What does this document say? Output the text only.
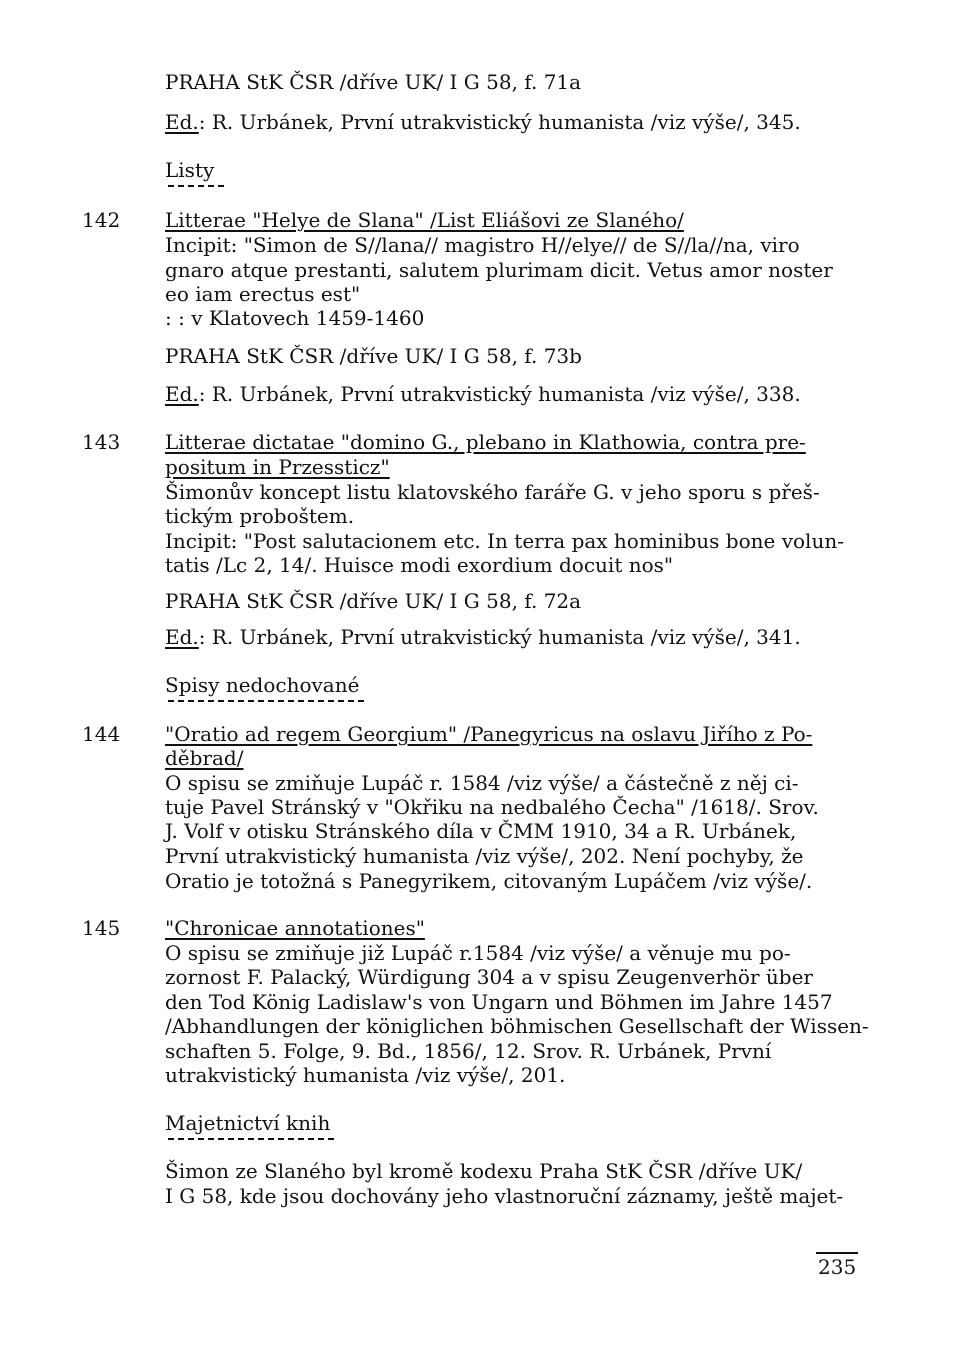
PRAHA StK ČSR /dříve UK/ I G 58, f. 71a
Ed.: R. Urbánek, První utrakvistický humanista /viz výše/, 345.
Listy
142 Litterae "Helye de Slana" /List Eliášovi ze Slaného/
Incipit: "Simon de S//lana// magistro H//elye// de S//la//na, viro
gnaro atque prestanti, salutem plurimam dicit. Vetus amor noster
eo iam erectus est"
: : v Klatovech 1459-1460
PRAHA StK ČSR /dříve UK/ I G 58, f. 73b
Ed.: R. Urbánek, První utrakvistický humanista /viz výše/, 338.
143 Litterae dictatae "domino G., plebano in Klathowia, contra pre-
positum in Przessticz"
Šimonův koncept listu klatovského faráře G. v jeho sporu s přeš-
tickým proboštem.
Incipit: "Post salutacionem etc. In terra pax hominibus bone volun-
tatis /Lc 2, 14/. Huisce modi exordium docuit nos"
PRAHA StK ČSR /dříve UK/ I G 58, f. 72a
Ed.: R. Urbánek, První utrakvistický humanista /viz výše/, 341.
Spisy nedochované
144 "Oratio ad regem Georgium" /Panegyricus na oslavu Jiřího z Po-
děbrad/
O spisu se zmiňuje Lupáč r. 1584 /viz výše/ a částečně z něj ci-
tuje Pavel Stránský v "Okřiku na nedbalého Čecha" /1618/. Srov.
J. Volf v otisku Stránského díla v ČMM 1910, 34 a R. Urbánek,
První utrakvistický humanista /viz výše/, 202. Není pochyby, že
Oratio je totožná s Panegyrikem, citovaným Lupáčem /viz výše/.
145 "Chronicae annotationes"
O spisu se zmiňuje již Lupáč r.1584 /viz výše/ a věnuje mu po-
zornost F. Palacký, Würdigung 304 a v spisu Zeugenverhör über
den Tod König Ladislaw's von Ungarn und Böhmen im Jahre 1457
/Abhandlungen der königlichen böhmischen Gesellschaft der Wissen-
schaften 5. Folge, 9. Bd., 1856/, 12. Srov. R. Urbánek, První
utrakvistický humanista /viz výše/, 201.
Majetnictví knih
Šimon ze Slaného byl kromě kodexu Praha StK ČSR /dříve UK/
I G 58, kde jsou dochovány jeho vlastnoruční záznamy, ještě majet-
235
